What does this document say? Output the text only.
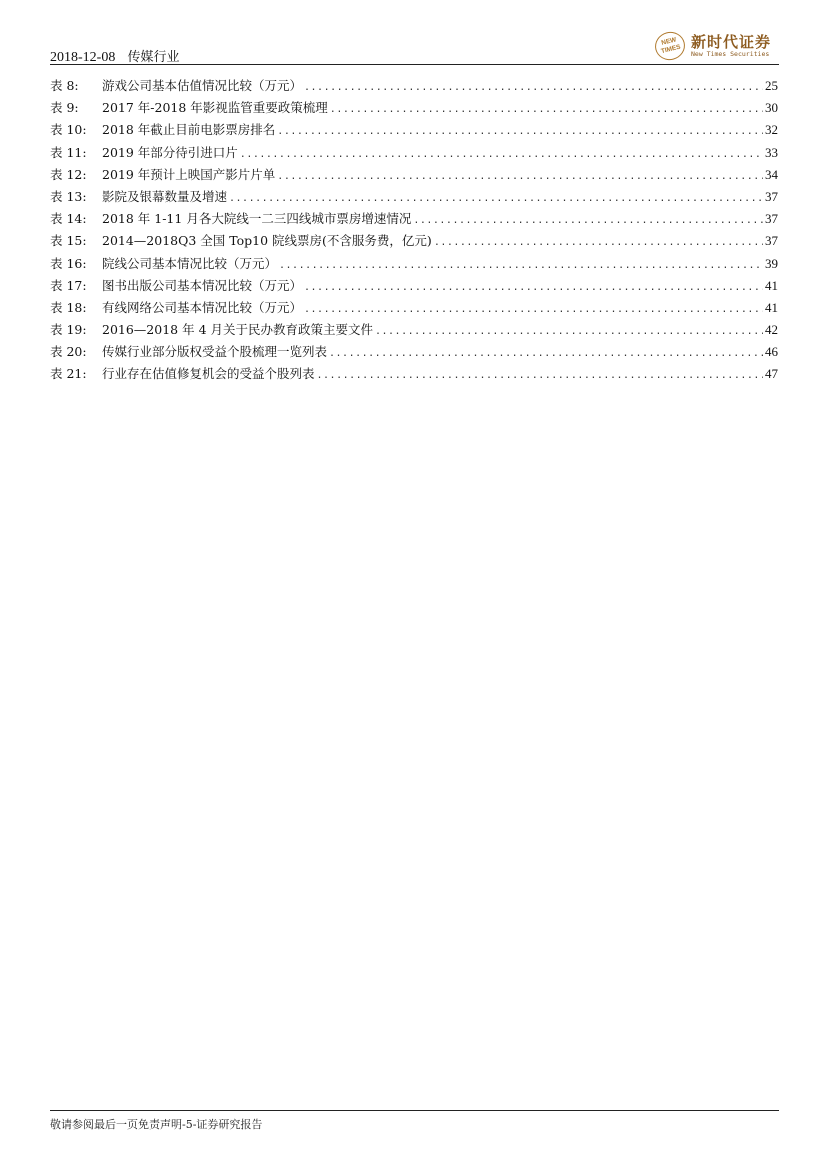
2018-12-08 传媒行业
NEW TIMES 新时代证券
New Times Securities
表 8:	游戏公司基本估值情况比较（万元） .....	25
表 9:	2017 年-2018 年影视监管重要政策梳理 .....	30
表 10:	2018 年截止目前电影票房排名 .....	32
表 11:	2019 年部分待引进口片 .....	33
表 12:	2019 年预计上映国产影片片单 .....	34
表 13:	影院及银幕数量及增速 .....	37
表 14:	2018 年 1-11 月各大院线一二三四线城市票房增速情况 .....	37
表 15:	2014—2018Q3 全国 Top10 院线票房(不含服务费，亿元) .....	37
表 16:	院线公司基本情况比较（万元） .....	39
表 17:	图书出版公司基本情况比较（万元） .....	41
表 18:	有线网络公司基本情况比较（万元） .....	41
表 19:	2016—2018 年 4 月关于民办教育政策主要文件 .....	42
表 20:	传媒行业部分版权受益个股梳理一览列表 .....	46
表 21:	行业存在估值修复机会的受益个股列表 .....	47
敬请参阅最后一页免责声明-5-证券研究报告
